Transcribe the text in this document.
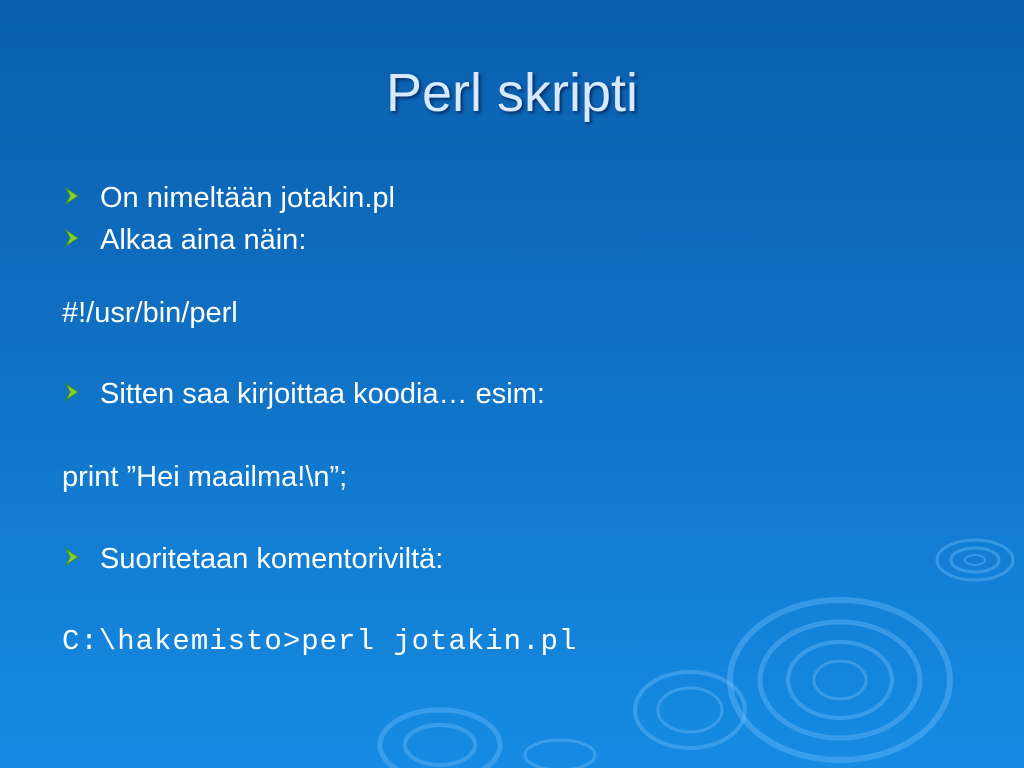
Perl skripti
On nimeltään jotakin.pl
Alkaa aina näin:
#!/usr/bin/perl
Sitten saa kirjoittaa koodia… esim:
print ”Hei maailma!\n”;
Suoritetaan komentoriviltä:
C:\hakemisto>perl jotakin.pl
